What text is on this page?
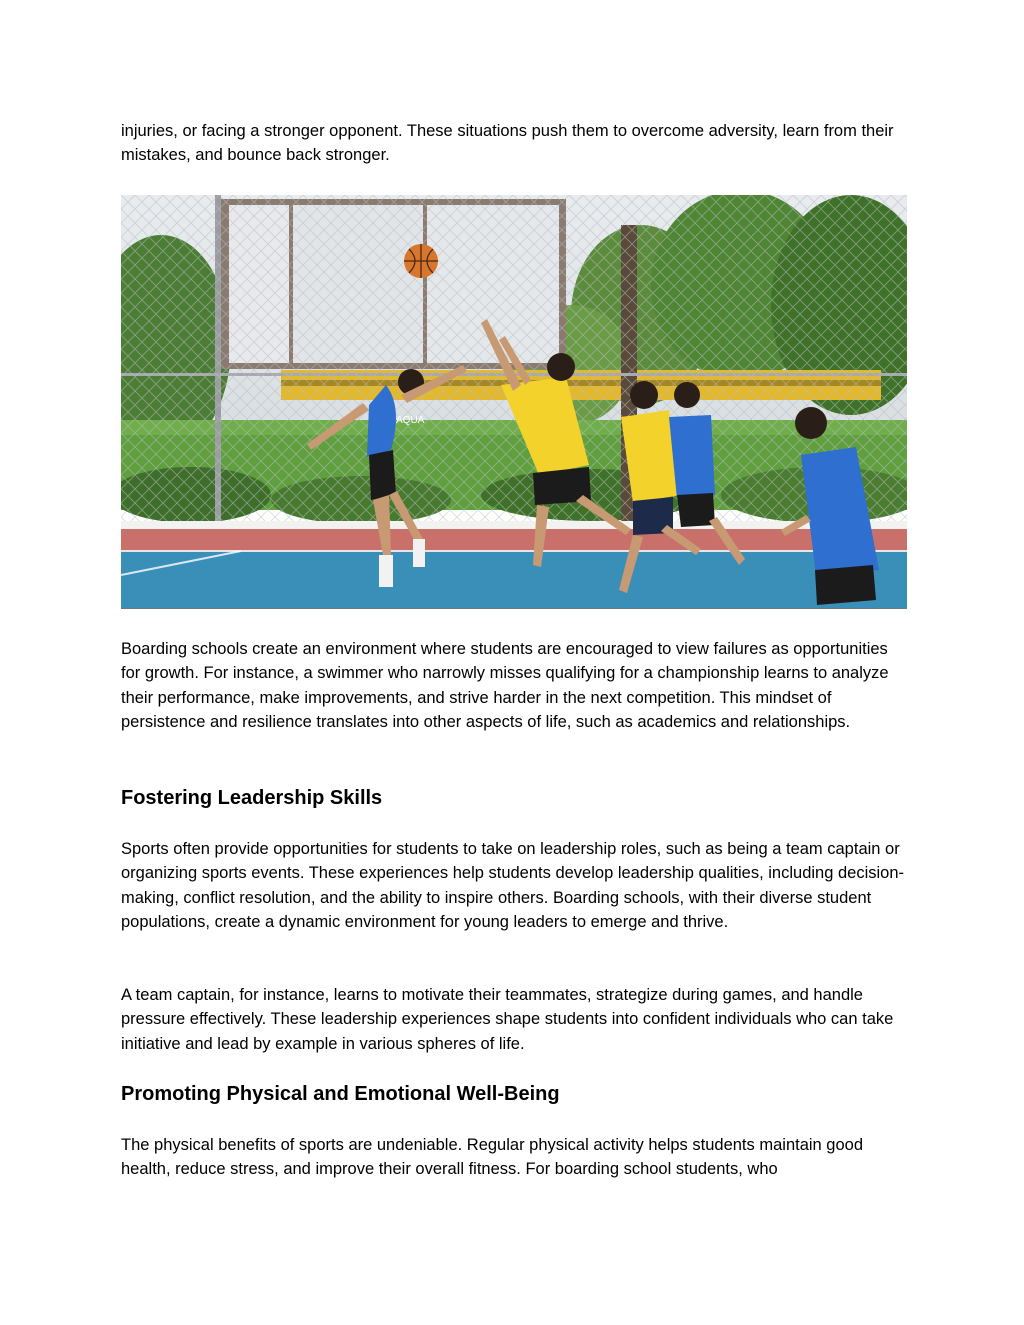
injuries, or facing a stronger opponent. These situations push them to overcome adversity, learn from their mistakes, and bounce back stronger.

AQUA

Boarding schools create an environment where students are encouraged to view failures as opportunities for growth. For instance, a swimmer who narrowly misses qualifying for a championship learns to analyze their performance, make improvements, and strive harder in the next competition. This mindset of persistence and resilience translates into other aspects of life, such as academics and relationships.

Fostering Leadership Skills

Sports often provide opportunities for students to take on leadership roles, such as being a team captain or organizing sports events. These experiences help students develop leadership qualities, including decision-making, conflict resolution, and the ability to inspire others. Boarding schools, with their diverse student populations, create a dynamic environment for young leaders to emerge and thrive.

A team captain, for instance, learns to motivate their teammates, strategize during games, and handle pressure effectively. These leadership experiences shape students into confident individuals who can take initiative and lead by example in various spheres of life.

Promoting Physical and Emotional Well-Being

The physical benefits of sports are undeniable. Regular physical activity helps students maintain good health, reduce stress, and improve their overall fitness. For boarding school students, who
